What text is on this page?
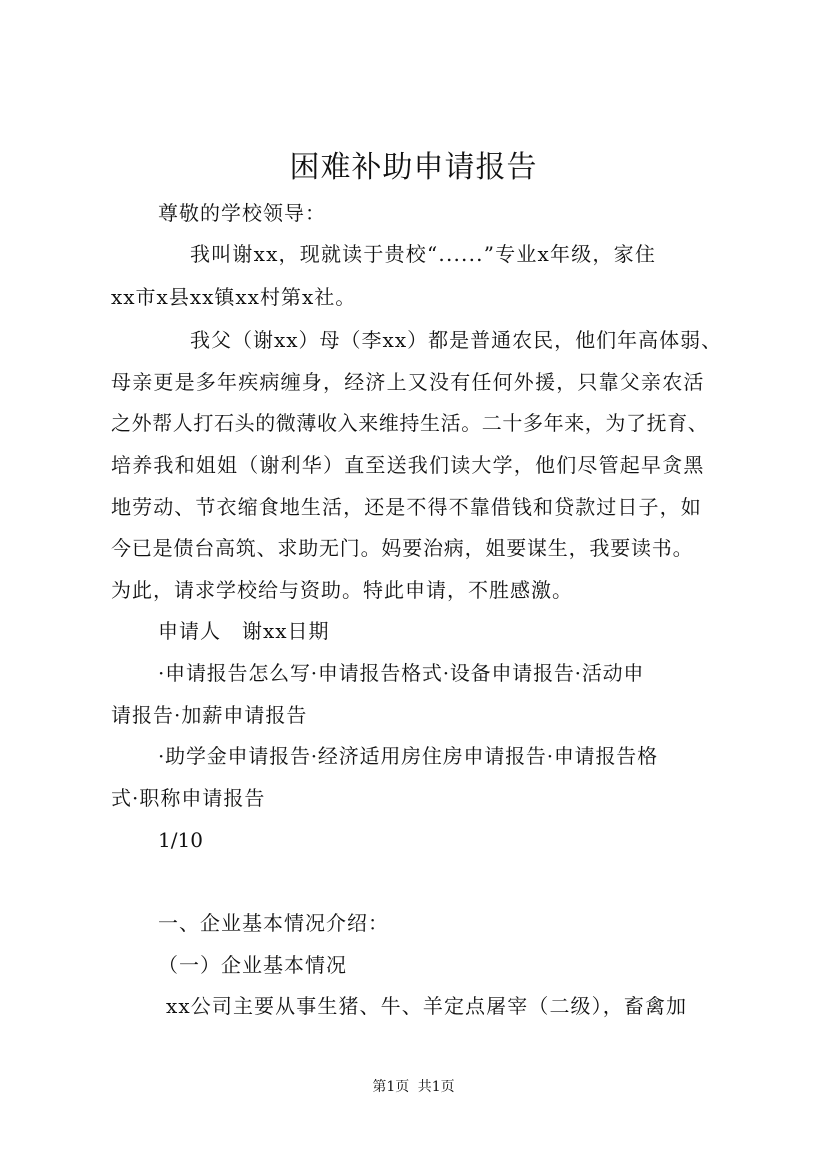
困难补助申请报告
尊敬的学校领导：
我叫谢xx，现就读于贵校“......”专业x年级，家住
xx市x县xx镇xx村第x社。
我父（谢xx）母（李xx）都是普通农民，他们年高体弱、
母亲更是多年疾病缠身，经济上又没有任何外援，只靠父亲农活
之外帮人打石头的微薄收入来维持生活。二十多年来，为了抚育、
培养我和姐姐（谢利华）直至送我们读大学，他们尽管起早贪黑
地劳动、节衣缩食地生活，还是不得不靠借钱和贷款过日子，如
今已是债台高筑、求助无门。妈要治病，姐要谋生，我要读书。
为此，请求学校给与资助。特此申请，不胜感激。
申请人　谢xx日期
·申请报告怎么写·申请报告格式·设备申请报告·活动申
请报告·加薪申请报告
·助学金申请报告·经济适用房住房申请报告·申请报告格
式·职称申请报告
1/10
一、企业基本情况介绍：
（一）企业基本情况
xx公司主要从事生猪、牛、羊定点屠宰（二级），畜禽加
第1页 共1页
